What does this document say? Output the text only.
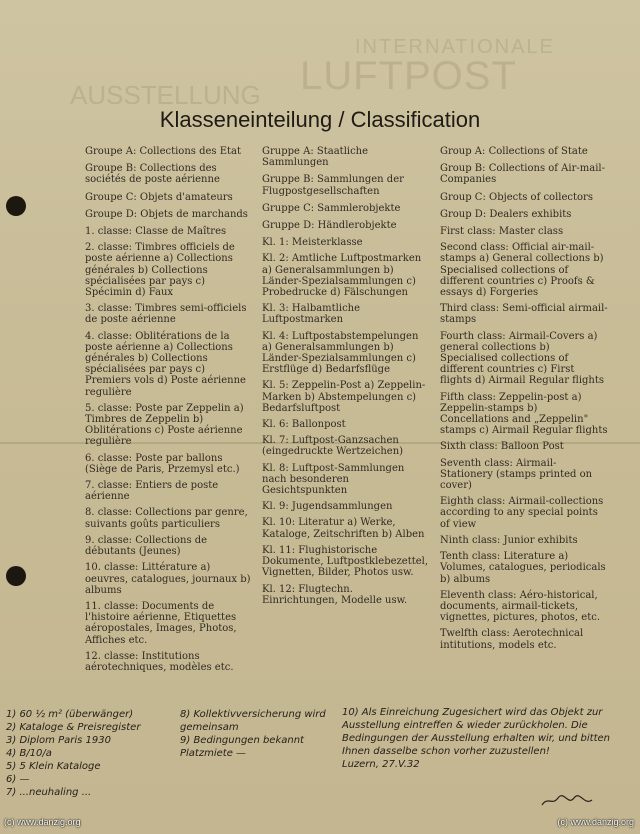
INTERNATIONALE
LUFTPOST
AUSSTELLUNG
Klasseneinteilung / Classification
Groupe A: Collections des Etat
Groupe B: Collections des sociétés de poste aérienne
Groupe C: Objets d'amateurs
Groupe D: Objets de marchands
1. classe: Classe de Maîtres
2. classe: Timbres officiels de poste aérienne a) Collections générales b) Collections spécialisées par pays c) Spécimin d) Faux
3. classe: Timbres semi-officiels de poste aérienne
4. classe: Oblitérations de la poste aérienne a) Collections générales b) Collections spécialisées par pays c) Premiers vols d) Poste aérienne regulière
5. classe: Poste par Zeppelin a) Timbres de Zeppelin b) Oblitérations c) Poste aérienne regulière
6. classe: Poste par ballons (Siège de Paris, Przemysl etc.)
7. classe: Entiers de poste aérienne
8. classe: Collections par genre, suivants goûts particuliers
9. classe: Collections de débutants (Jeunes)
10. classe: Littérature a) oeuvres, catalogues, journaux b) albums
11. classe: Documents de l'histoire aérienne, Etiquettes aéropostales, Images, Photos, Affiches etc.
12. classe: Institutions aérotechniques, modèles etc.
Gruppe A: Staatliche Sammlungen
Gruppe B: Sammlungen der Flugpostgesellschaften
Gruppe C: Sammlerobjekte
Gruppe D: Händlerobjekte
Kl. 1: Meisterklasse
Kl. 2: Amtliche Luftpostmarken a) Generalsammlungen b) Länder-Spezialsammlungen c) Probedrucke d) Fälschungen
Kl. 3: Halbamtliche Luftpostmarken
Kl. 4: Luftpostabstempelungen a) Generalsammlungen b) Länder-Spezialsammlungen c) Erstflüge d) Bedarfsflüge
Kl. 5: Zeppelin-Post a) Zeppelin-Marken b) Abstempelungen c) Bedarfsluftpost
Kl. 6: Ballonpost
Kl. 7: Luftpost-Ganzsachen (eingedruckte Wertzeichen)
Kl. 8: Luftpost-Sammlungen nach besonderen Gesichtspunkten
Kl. 9: Jugendsammlungen
Kl. 10: Literatur a) Werke, Kataloge, Zeitschriften b) Alben
Kl. 11: Flughistorische Dokumente, Luftpostklebezettel, Vignetten, Bilder, Photos usw.
Kl. 12: Flugtechn. Einrichtungen, Modelle usw.
Group A: Collections of State
Group B: Collections of Air-mail-Companies
Group C: Objects of collectors
Group D: Dealers exhibits
First class: Master class
Second class: Official air-mail-stamps a) General collections b) Specialised collections of different countries c) Proofs & essays d) Forgeries
Third class: Semi-official airmail-stamps
Fourth class: Airmail-Covers a) general collections b) Specialised collections of different countries c) First flights d) Airmail Regular flights
Fifth class: Zeppelin-post a) Zeppelin-stamps b) Concellations and „Zeppelin" stamps c) Airmail Regular flights
Sixth class: Balloon Post
Seventh class: Airmail-Stationery (stamps printed on cover)
Eighth class: Airmail-collections according to any special points of view
Ninth class: Junior exhibits
Tenth class: Literature a) Volumes, catalogues, periodicals b) albums
Eleventh class: Aéro-historical, documents, airmail-tickets, vignettes, pictures, photos, etc.
Twelfth class: Aerotechnical intitutions, models etc.
1) 60 ½ m² (überwänger)
2) Kataloge & Preisregister
3) Diplom Paris 1930
4) B/10/a
5) 5 Klein Kataloge
6) —
7) ...neuhaling ...
8) Kollektivversicherung wird gemeinsam
9) Bedingungen bekannt Platzmiete —
10) Als Einreichung Zugesichert wird das Objekt zur Ausstellung eintreffen & wieder zurückholen. Die Bedingungen der Ausstellung erhalten wir, und bitten Ihnen dasselbe schon vorher zuzustellen!
Luzern, 27.V.32
(c) www.danzig.org	(c) www.danzig.org
